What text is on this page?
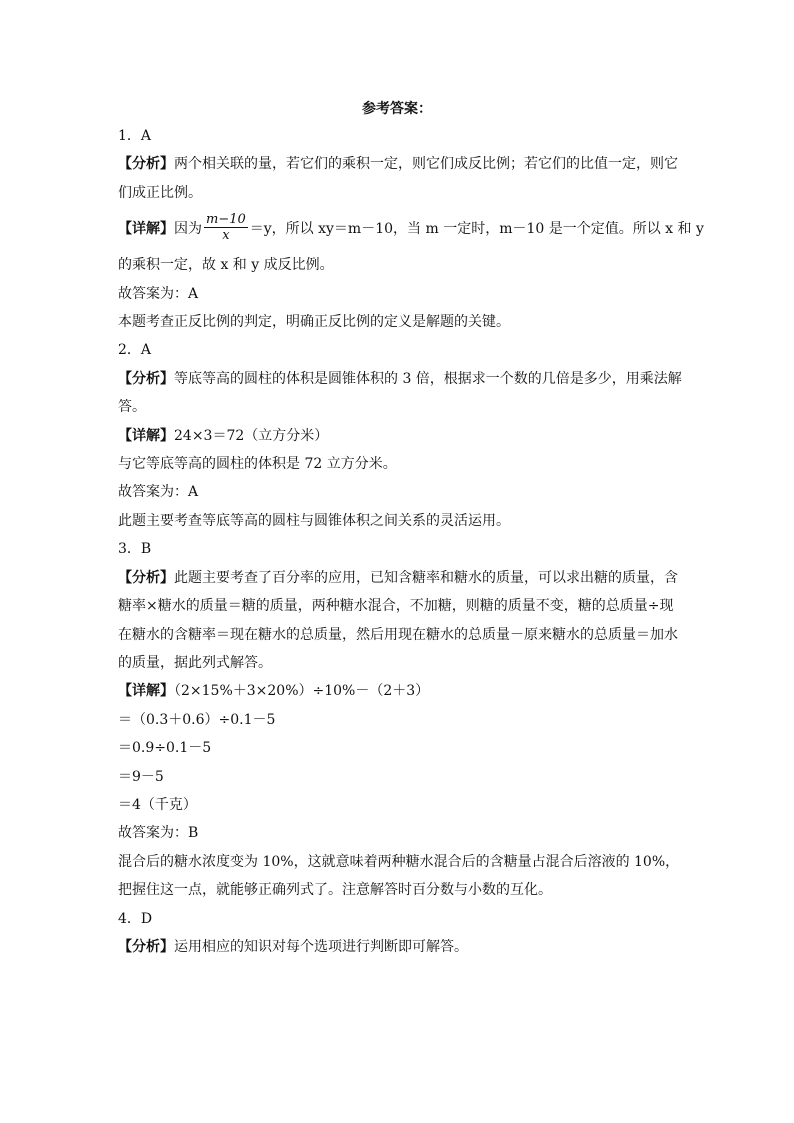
参考答案：
1．A
【分析】两个相关联的量，若它们的乘积一定，则它们成反比例；若它们的比值一定，则它
们成正比例。
【详解】因为 $\frac{m-10}{x} =y$，所以 xy＝m－10，当 m 一定时，m－10 是一个定值。所以 x 和 y
的乘积一定，故 x 和 y 成反比例。
故答案为：A
本题考查正反比例的判定，明确正反比例的定义是解题的关键。
2．A
【分析】等底等高的圆柱的体积是圆锥体积的 3 倍，根据求一个数的几倍是多少，用乘法解
答。
【详解】24×3＝72（立方分米）
与它等底等高的圆柱的体积是 72 立方分米。
故答案为：A
此题主要考查等底等高的圆柱与圆锥体积之间关系的灵活运用。
3．B
【分析】此题主要考查了百分率的应用，已知含糖率和糖水的质量，可以求出糖的质量，含
糖率×糖水的质量＝糖的质量，两种糖水混合，不加糖，则糖的质量不变，糖的总质量÷现
在糖水的含糖率＝现在糖水的总质量，然后用现在糖水的总质量－原来糖水的总质量＝加水
的质量，据此列式解答。
【详解】（2×15%＋3×20%）÷10%－（2＋3）
＝（0.3＋0.6）÷0.1－5
＝0.9÷0.1－5
＝9－5
＝4（千克）
故答案为：B
混合后的糖水浓度变为 10%，这就意味着两种糖水混合后的含糖量占混合后溶液的 10%，
把握住这一点，就能够正确列式了。注意解答时百分数与小数的互化。
4．D
【分析】运用相应的知识对每个选项进行判断即可解答。
